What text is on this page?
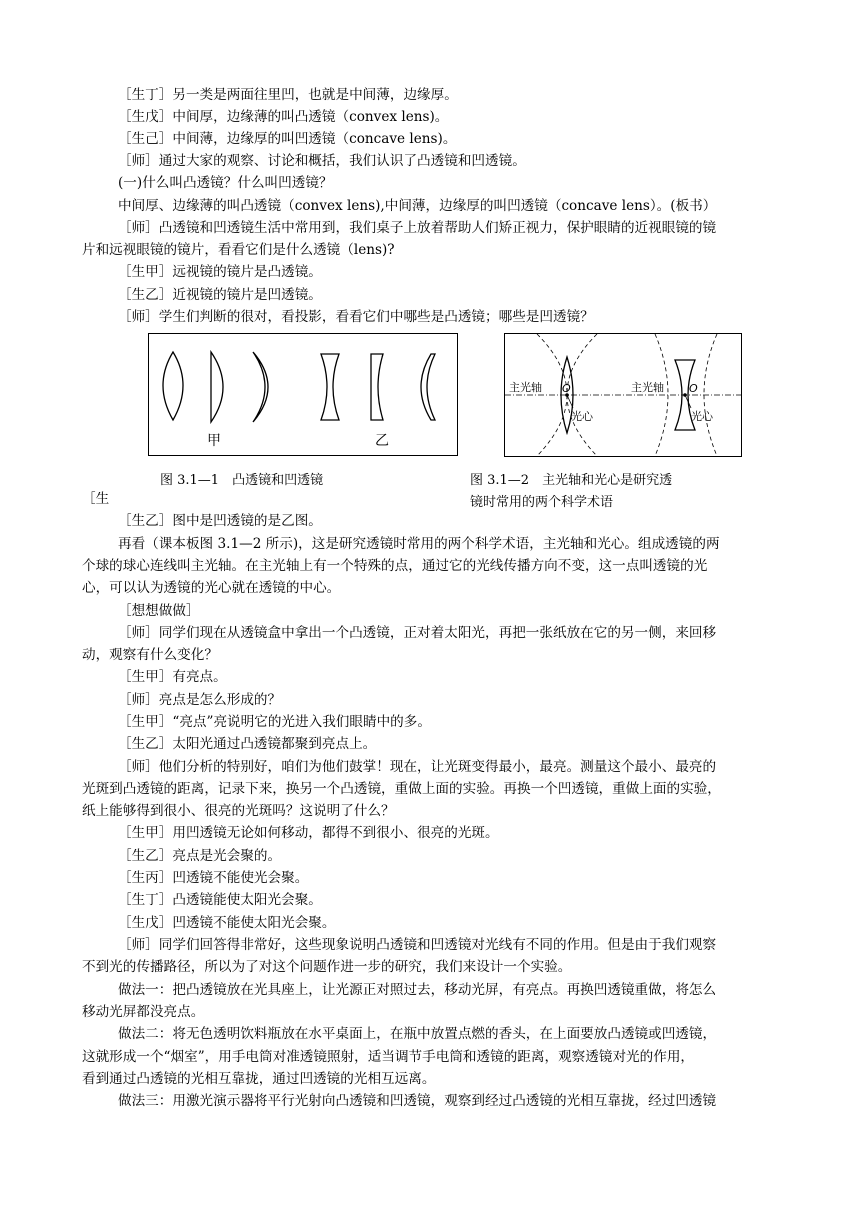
［生丁］另一类是两面往里凹，也就是中间薄，边缘厚。
［生戊］中间厚，边缘薄的叫凸透镜（convex lens)。
［生己］中间薄，边缘厚的叫凹透镜（concave lens)。
［师］通过大家的观察、讨论和概括，我们认识了凸透镜和凹透镜。
(一)什么叫凸透镜？什么叫凹透镜？
中间厚、边缘薄的叫凸透镜（convex lens),中间薄，边缘厚的叫凹透镜（concave lens）。(板书）
［师］凸透镜和凹透镜生活中常用到，我们桌子上放着帮助人们矫正视力，保护眼睛的近视眼镜的镜
片和远视眼镜的镜片，看看它们是什么透镜（lens)?
［生甲］远视镜的镜片是凸透镜。
［生乙］近视镜的镜片是凹透镜。
［师］学生们判断的很对，看投影，看看它们中哪些是凸透镜；哪些是凹透镜？
甲	乙
图 3.1—1　凸透镜和凹透镜
［生
主光轴	主光轴
O	O
光心	光心
图 3.1—2　主光轴和光心是研究透
镜时常用的两个科学术语
［生乙］图中是凹透镜的是乙图。
再看（课本板图 3.1—2 所示)，这是研究透镜时常用的两个科学术语，主光轴和光心。组成透镜的两
个球的球心连线叫主光轴。在主光轴上有一个特殊的点，通过它的光线传播方向不变，这一点叫透镜的光
心，可以认为透镜的光心就在透镜的中心。
［想想做做］
［师］同学们现在从透镜盒中拿出一个凸透镜，正对着太阳光，再把一张纸放在它的另一侧，来回移
动，观察有什么变化？
［生甲］有亮点。
［师］亮点是怎么形成的？
［生甲］“亮点”亮说明它的光进入我们眼睛中的多。
［生乙］太阳光通过凸透镜都聚到亮点上。
［师］他们分析的特别好，咱们为他们鼓掌！现在，让光斑变得最小，最亮。测量这个最小、最亮的
光斑到凸透镜的距离，记录下来，换另一个凸透镜，重做上面的实验。再换一个凹透镜，重做上面的实验，
纸上能够得到很小、很亮的光斑吗？这说明了什么？
［生甲］用凹透镜无论如何移动，都得不到很小、很亮的光斑。
［生乙］亮点是光会聚的。
［生丙］凹透镜不能使光会聚。
［生丁］凸透镜能使太阳光会聚。
［生戊］凹透镜不能使太阳光会聚。
［师］同学们回答得非常好，这些现象说明凸透镜和凹透镜对光线有不同的作用。但是由于我们观察
不到光的传播路径，所以为了对这个问题作进一步的研究，我们来设计一个实验。
做法一：把凸透镜放在光具座上，让光源正对照过去，移动光屏，有亮点。再换凹透镜重做，将怎么
移动光屏都没亮点。
做法二：将无色透明饮料瓶放在水平桌面上，在瓶中放置点燃的香头，在上面要放凸透镜或凹透镜，
这就形成一个“烟室”，用手电筒对准透镜照射，适当调节手电筒和透镜的距离，观察透镜对光的作用，
看到通过凸透镜的光相互靠拢，通过凹透镜的光相互远离。
做法三：用激光演示器将平行光射向凸透镜和凹透镜，观察到经过凸透镜的光相互靠拢，经过凹透镜
